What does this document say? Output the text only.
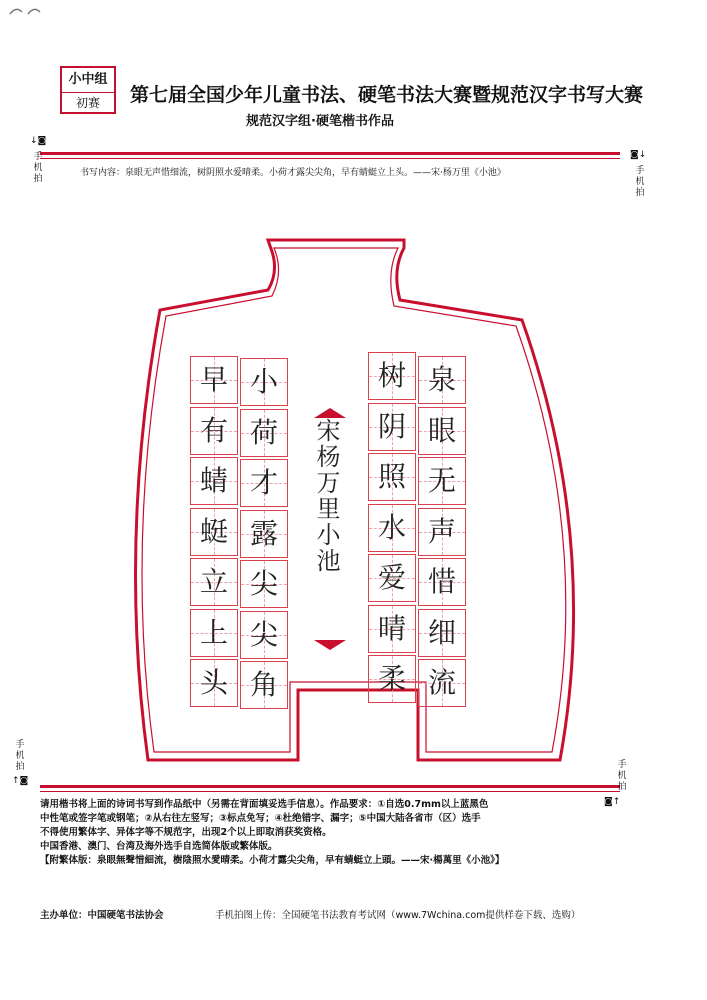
小中组
初赛	第七届全国少年儿童书法、硬笔书法大赛暨规范汉字书写大赛
规范汉字组·硬笔楷书作品
↓◙
手机拍
◙↓
手机拍
书写内容：泉眼无声惜细流，树阴照水爱晴柔。小荷才露尖尖角，早有蜻蜓立上头。——宋·杨万里《小池》
泉
眼
无
声
惜
细
流
树
阴
照
水
爱
晴
柔
小
荷
才
露
尖
尖
角
早
有
蜻
蜓
立
上
头
宋杨万里小池
手机拍
↑◙
手机拍
◙↑
请用楷书将上面的诗词书写到作品纸中（另需在背面填妥选手信息）。作品要求：①自选0.7mm以上蓝黑色
中性笔或签字笔或钢笔；②从右往左竖写；③标点免写；④杜绝错字、漏字；⑤中国大陆各省市（区）选手
不得使用繁体字、异体字等不规范字，出现2个以上即取消获奖资格。
中国香港、澳门、台湾及海外选手自选简体版或繁体版。
【附繁体版：泉眼無聲惜細流，樹陰照水愛晴柔。小荷才露尖尖角，早有蜻蜓立上頭。——宋·楊萬里《小池》】
主办单位：中国硬笔书法协会	手机拍图上传：全国硬笔书法教育考试网（www.7Wchina.com提供样卷下载、选购）
